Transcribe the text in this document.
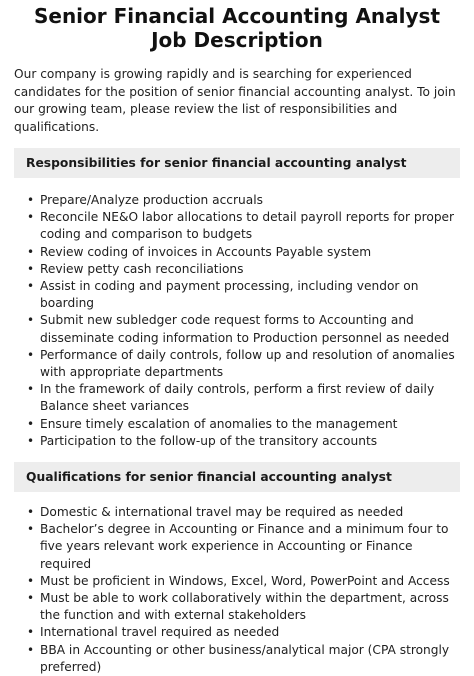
Senior Financial Accounting Analyst Job Description

Our company is growing rapidly and is searching for experienced candidates for the position of senior financial accounting analyst. To join our growing team, please review the list of responsibilities and qualifications.

Responsibilities for senior financial accounting analyst
• Prepare/Analyze production accruals
• Reconcile NE&O labor allocations to detail payroll reports for proper coding and comparison to budgets
• Review coding of invoices in Accounts Payable system
• Review petty cash reconciliations
• Assist in coding and payment processing, including vendor on boarding
• Submit new subledger code request forms to Accounting and disseminate coding information to Production personnel as needed
• Performance of daily controls, follow up and resolution of anomalies with appropriate departments
• In the framework of daily controls, perform a first review of daily Balance sheet variances
• Ensure timely escalation of anomalies to the management
• Participation to the follow-up of the transitory accounts
Qualifications for senior financial accounting analyst
• Domestic & international travel may be required as needed
• Bachelor’s degree in Accounting or Finance and a minimum four to five years relevant work experience in Accounting or Finance required
• Must be proficient in Windows, Excel, Word, PowerPoint and Access
• Must be able to work collaboratively within the department, across the function and with external stakeholders
• International travel required as needed
• BBA in Accounting or other business/analytical major (CPA strongly preferred)
